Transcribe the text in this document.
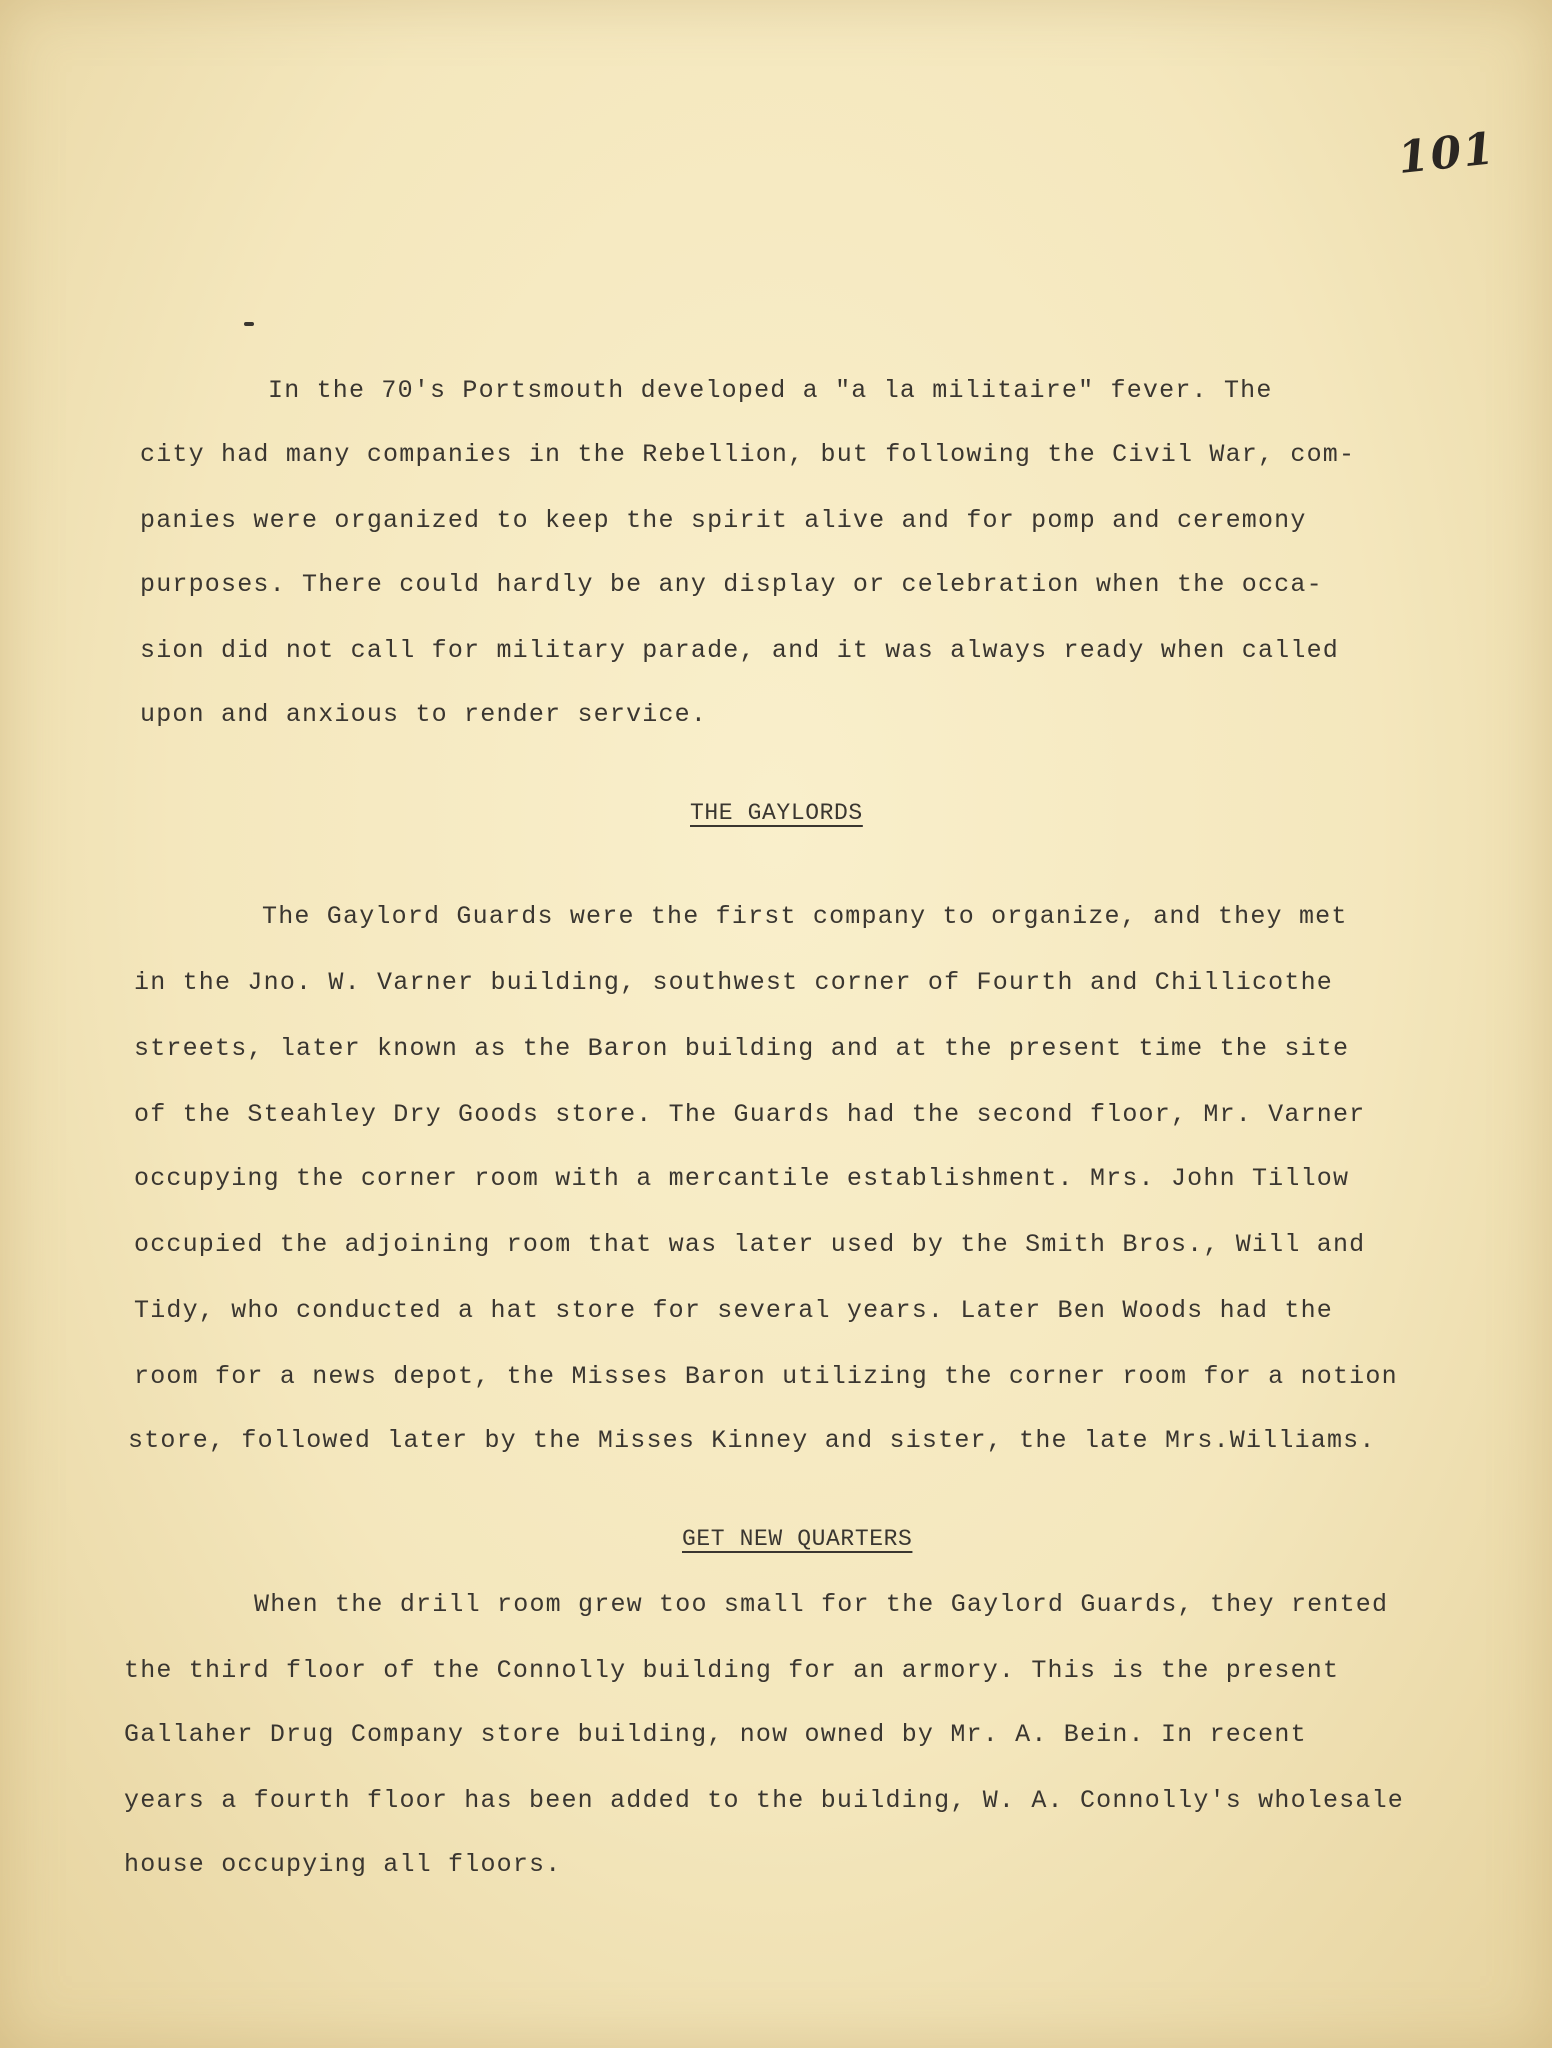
101
In the 70's Portsmouth developed a "a la militaire" fever. The
city had many companies in the Rebellion, but following the Civil War, com-
panies were organized to keep the spirit alive and for pomp and ceremony
purposes. There could hardly be any display or celebration when the occa-
sion did not call for military parade, and it was always ready when called
upon and anxious to render service.
THE GAYLORDS
The Gaylord Guards were the first company to organize, and they met
in the Jno. W. Varner building, southwest corner of Fourth and Chillicothe
streets, later known as the Baron building and at the present time the site
of the Steahley Dry Goods store. The Guards had the second floor, Mr. Varner
occupying the corner room with a mercantile establishment. Mrs. John Tillow
occupied the adjoining room that was later used by the Smith Bros., Will and
Tidy, who conducted a hat store for several years. Later Ben Woods had the
room for a news depot, the Misses Baron utilizing the corner room for a notion
store, followed later by the Misses Kinney and sister, the late Mrs.Williams.
GET NEW QUARTERS
When the drill room grew too small for the Gaylord Guards, they rented
the third floor of the Connolly building for an armory. This is the present
Gallaher Drug Company store building, now owned by Mr. A. Bein. In recent
years a fourth floor has been added to the building, W. A. Connolly's wholesale
house occupying all floors.
